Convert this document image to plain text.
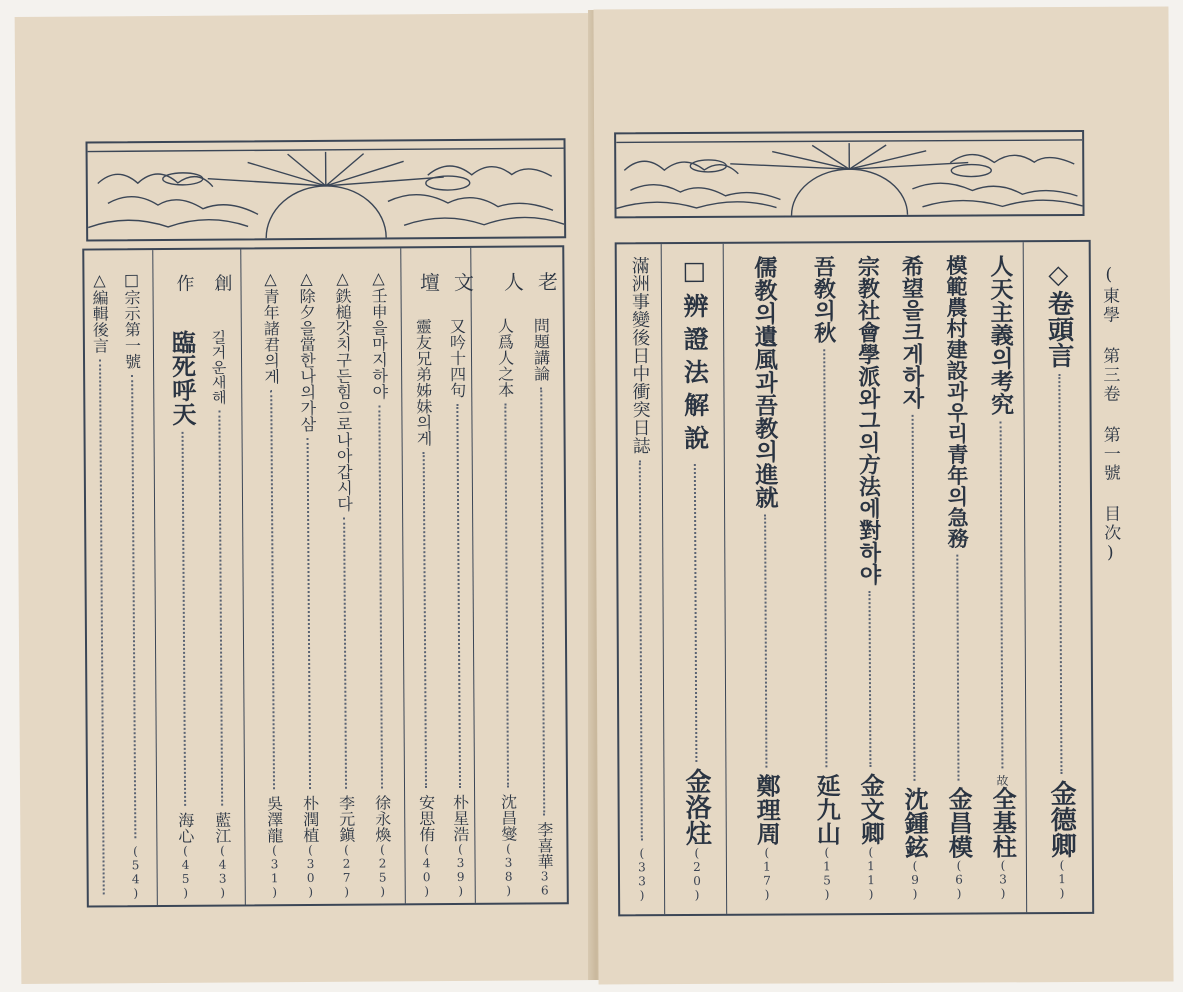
老
人
文
壇
問題講論
李喜華
36
人爲人之本
沈昌燮
(38)
又吟十四句
朴星浩
(39)
靈友兄弟姊妹의게
安思侑
(40)
△壬申을마지하야
徐永煥
(25)
△鉄槌갓치구든힘으로나아갑시다
李元鎭
(27)
△除夕을當한나의가삼
朴潤植
(30)
△青年諸君의게
吳澤龍
(31)
創
作
길거운새해
藍江
(43)
臨死呼天
海心
(45)
□宗示第一號
(54)
△編輯後言	(東學 第三卷 第一號 目次)
◇卷頭言
金德卿
(1)
人天主義의考究
故
全基柱
(3)
模範農村建設과우리青年의急務
金昌模
(6)
希望을크게하자
沈鍾鉉
(9)
宗教社會學派와그의方法에對하야
金文卿
(11)
吾敎의秋
延九山
(15)
儒教의遺風과吾教의進就
鄭理周
(17)
□辨證法解說
金洛炷
(20)
滿洲事變後日中衝突日誌
(33)
